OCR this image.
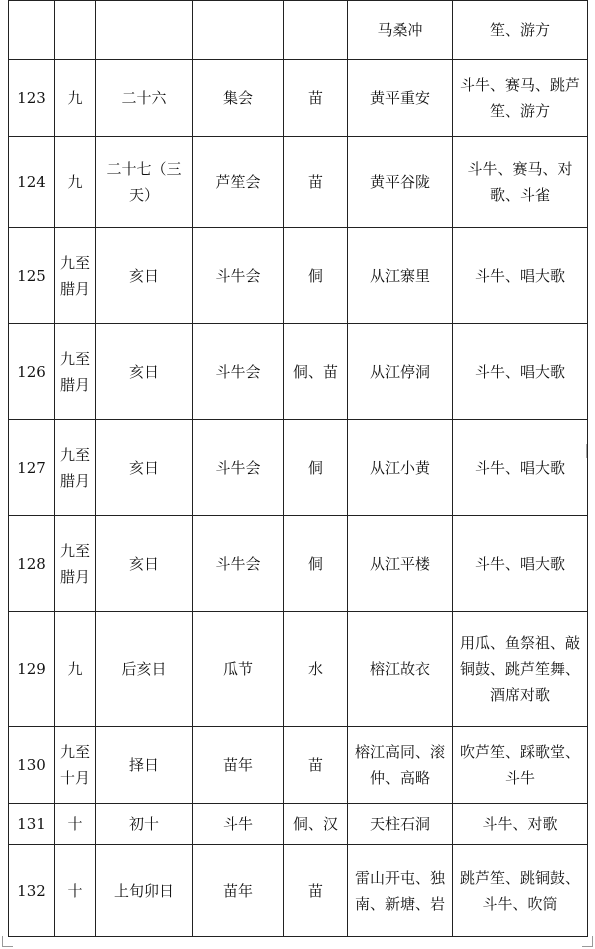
					马桑冲	笙、游方
123	九	二十六	集会	苗	黄平重安	斗牛、赛马、跳芦笙、游方
124	九	二十七（三天）	芦笙会	苗	黄平谷陇	斗牛、赛马、对歌、斗雀
125	九至腊月	亥日	斗牛会	侗	从江寨里	斗牛、唱大歌
126	九至腊月	亥日	斗牛会	侗、苗	从江停洞	斗牛、唱大歌
127	九至腊月	亥日	斗牛会	侗	从江小黄	斗牛、唱大歌
128	九至腊月	亥日	斗牛会	侗	从江平楼	斗牛、唱大歌
129	九	后亥日	瓜节	水	榕江故衣	用瓜、鱼祭祖、敲铜鼓、跳芦笙舞、酒席对歌
130	九至十月	择日	苗年	苗	榕江高同、滚仲、高略	吹芦笙、踩歌堂、斗牛
131	十	初十	斗牛	侗、汉	天柱石洞	斗牛、对歌
132	十	上旬卯日	苗年	苗	雷山开屯、独南、新塘、岩	跳芦笙、跳铜鼓、斗牛、吹筒
